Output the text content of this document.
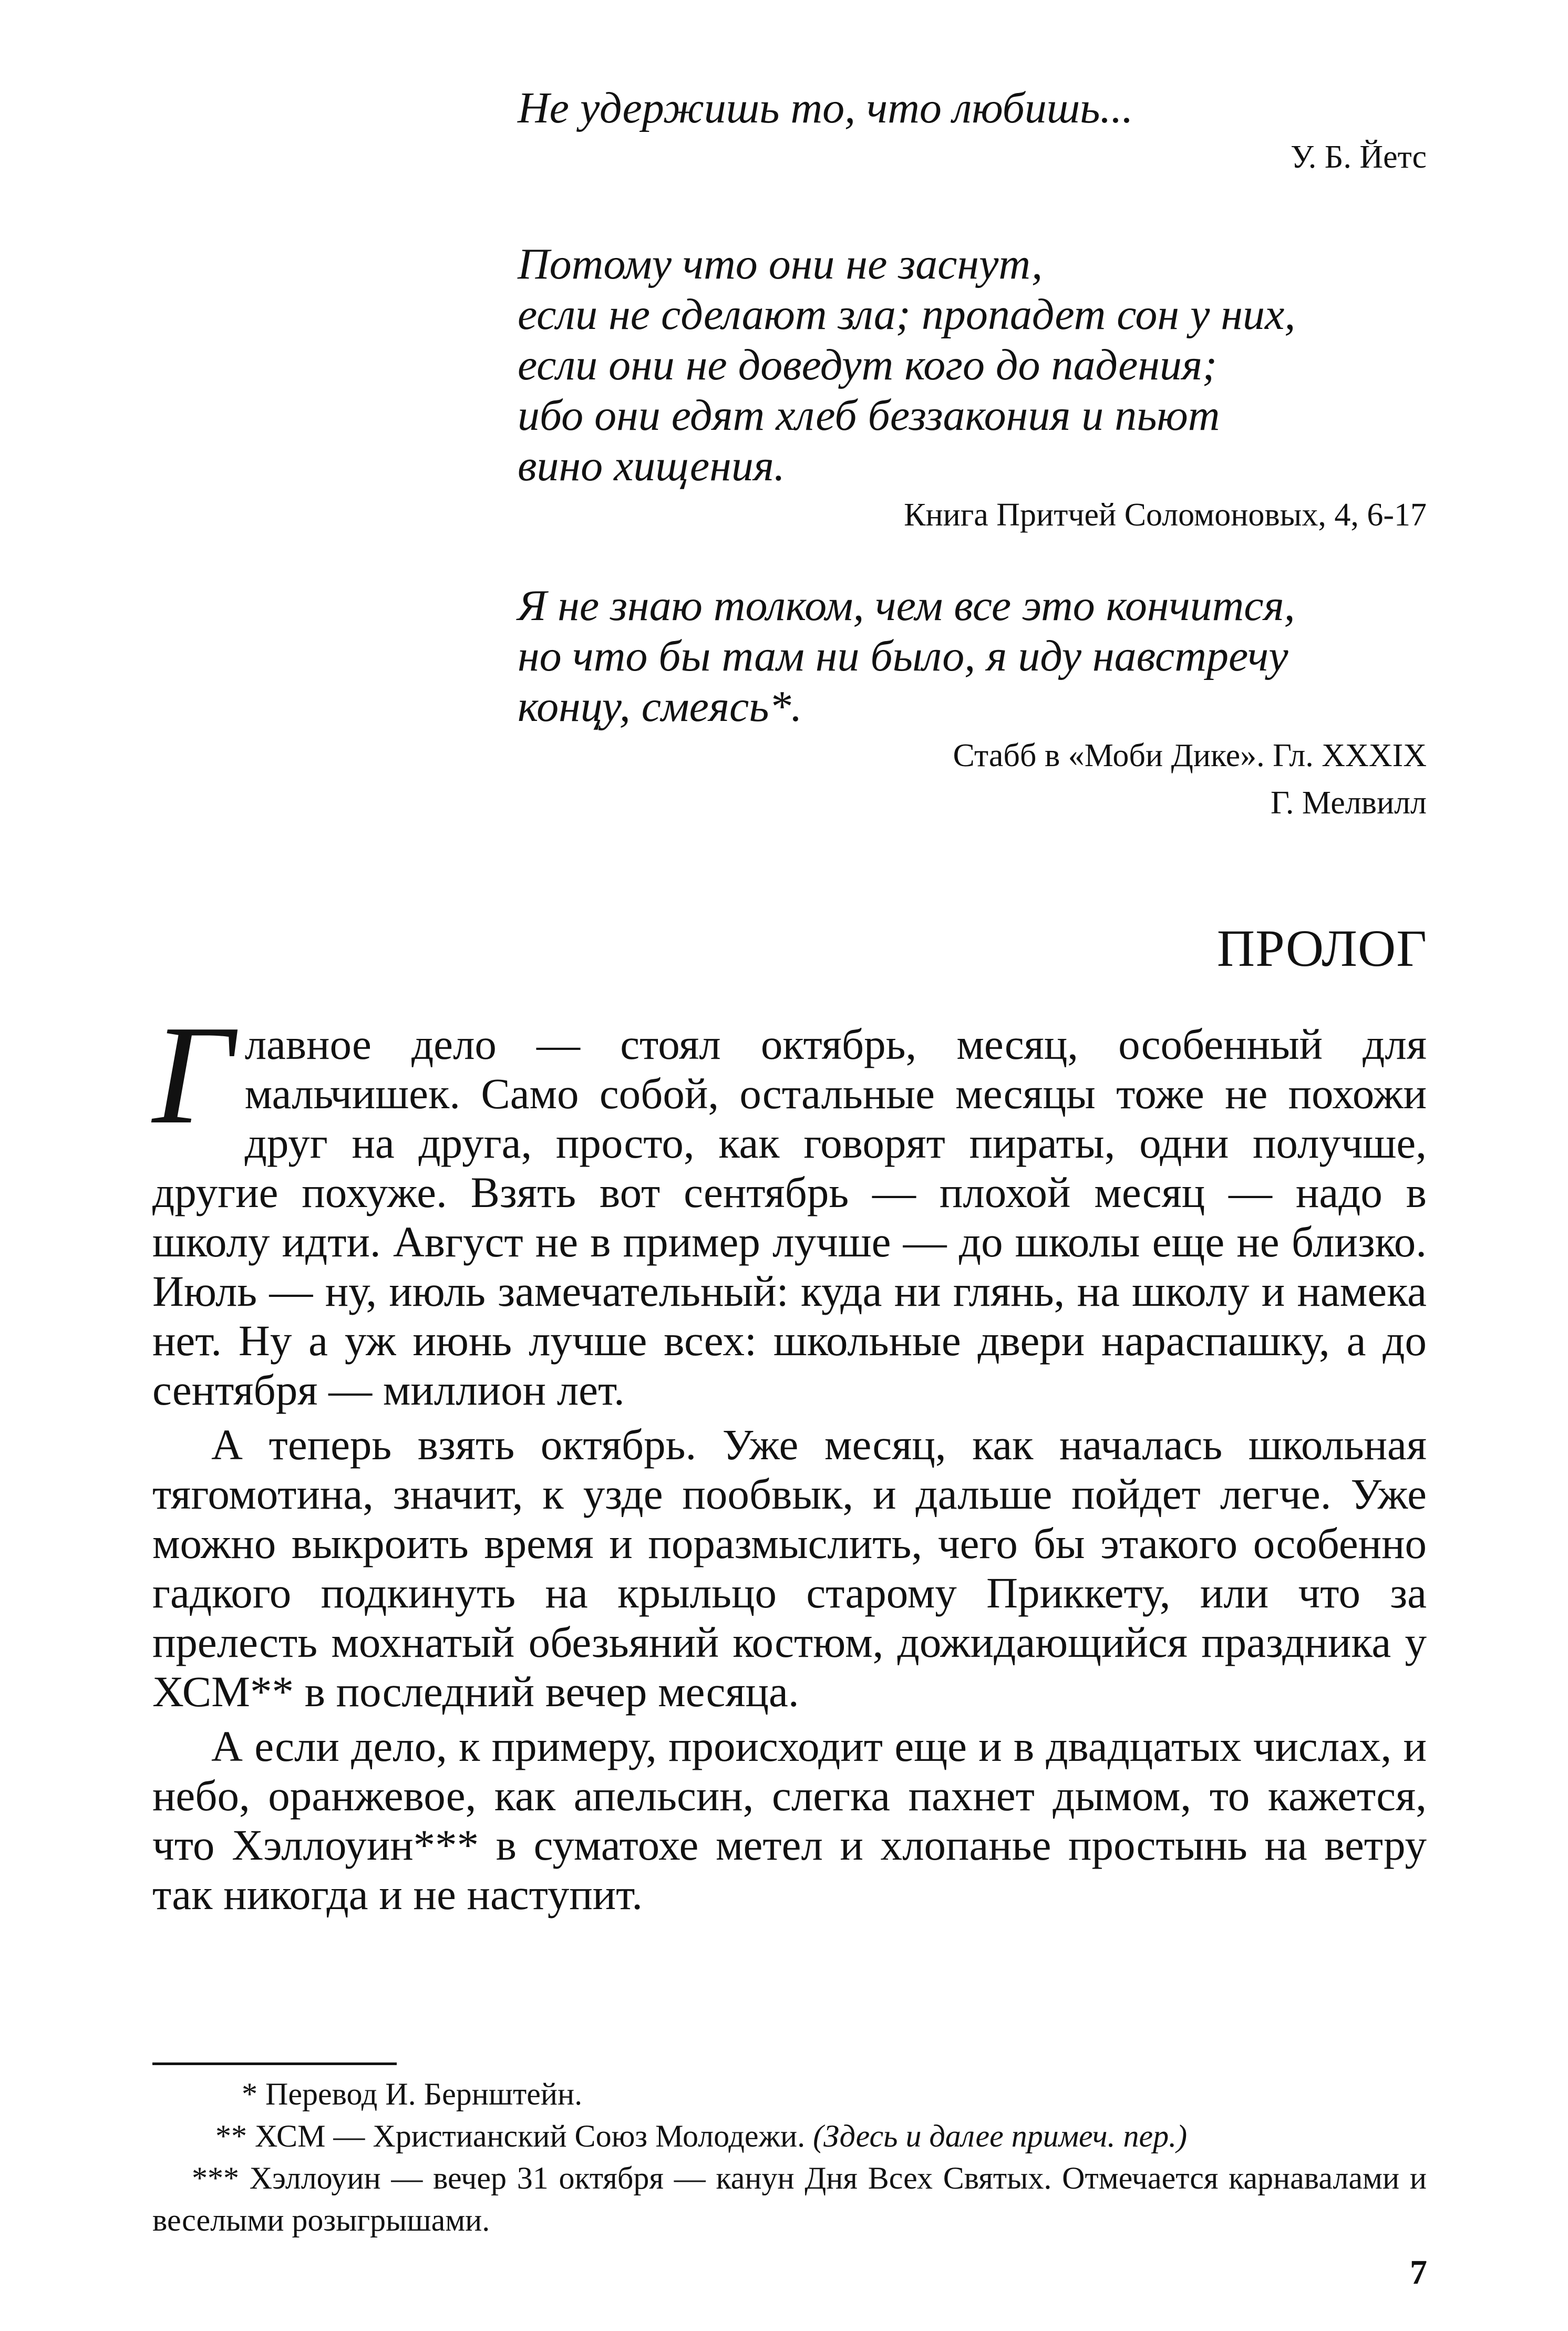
Не удержишь то, что любишь...
У. Б. Йетс
Потому что они не заснут,
если не сделают зла; пропадет сон у них,
если они не доведут кого до падения;
ибо они едят хлеб беззакония и пьют
вино хищения.
Книга Притчей Соломоновых, 4, 6-17
Я не знаю толком, чем все это кончится,
но что бы там ни было, я иду навстречу
концу, смеясь*.
Стабб в «Моби Дике». Гл. XXXIX
Г. Мелвилл
ПРОЛОГ

Главное дело — стоял октябрь, месяц, особенный для мальчишек. Само собой, остальные месяцы тоже не похожи друг на друга, просто, как говорят пираты, одни получше, другие похуже. Взять вот сентябрь — плохой месяц — надо в школу идти. Август не в пример лучше — до школы еще не близко. Июль — ну, июль замечательный: куда ни глянь, на школу и намека нет. Ну а уж июнь лучше всех: школьные двери нараспашку, а до сентября — миллион лет.

А теперь взять октябрь. Уже месяц, как началась школьная тягомотина, значит, к узде пообвык, и дальше пойдет легче. Уже можно выкроить время и поразмыслить, чего бы этакого особенно гадкого подкинуть на крыльцо старому Приккету, или что за прелесть мохнатый обезьяний костюм, дожидающийся праздника у ХСМ** в последний вечер месяца.

А если дело, к примеру, происходит еще и в двадцатых числах, и небо, оранжевое, как апельсин, слегка пахнет дымом, то кажется, что Хэллоуин*** в суматохе метел и хлопанье простынь на ветру так никогда и не наступит.

* Перевод И. Бернштейн.

** ХСМ — Христианский Союз Молодежи. (Здесь и далее примеч. пер.)

*** Хэллоуин — вечер 31 октября — канун Дня Всех Святых. Отмечается карнавалами и веселыми розыгрышами.

7
